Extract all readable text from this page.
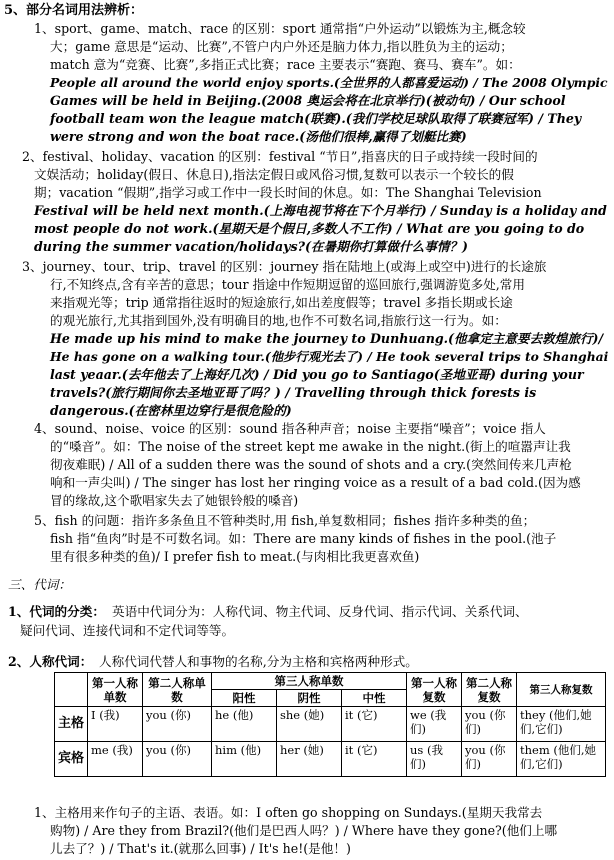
5、部分名词用法辨析：
1、sport、game、match、race 的区别：sport 通常指“户外运动”以锻炼为主,概念较
大；game 意思是“运动、比赛”,不管户内户外还是脑力体力,指以胜负为主的运动；
match 意为“竞赛、比赛”,多指正式比赛；race 主要表示“赛跑、赛马、赛车”。如：
People all around the world enjoy sports.(全世界的人都喜爱运动) / The 2008 Olympic
Games will be held in Beijing.(2008 奥运会将在北京举行)(被动句) / Our school
football team won the league match(联赛).(我们学校足球队取得了联赛冠军) / They
were strong and won the boat race.(汤他们很棒,赢得了划艇比赛)
2、festival、holiday、vacation 的区别：festival “节日”,指喜庆的日子或持续一段时间的
文娱活动；holiday(假日、休息日),指法定假日或风俗习惯,复数可以表示一个较长的假
期；vacation “假期”,指学习或工作中一段长时间的休息。如：The Shanghai Television
Festival will be held next month.(上海电视节将在下个月举行) / Sunday is a holiday and
most people do not work.(星期天是个假日,多数人不工作) / What are you going to do
during the summer vacation/holidays?(在暑期你打算做什么事情？)
3、journey、tour、trip、travel 的区别：journey 指在陆地上(或海上或空中)进行的长途旅
行,不知终点,含有辛苦的意思；tour 指途中作短期逗留的巡回旅行,强调游览多处,常用
来指观光等；trip 通常指往返时的短途旅行,如出差度假等；travel 多指长期或长途
的观光旅行,尤其指到国外,没有明确目的地,也作不可数名词,指旅行这一行为。如：
He made up his mind to make the journey to Dunhuang.(他拿定主意要去敦煌旅行)/
He has gone on a walking tour.(他步行观光去了) / He took several trips to Shanghai
last yeaar.(去年他去了上海好几次) / Did you go to Santiago(圣地亚哥) during your
travels?(旅行期间你去圣地亚哥了吗？) / Travelling through thick forests is
dangerous.(在密林里边穿行是很危险的)
4、sound、noise、voice 的区别：sound 指各种声音；noise 主要指“噪音”；voice 指人
的“嗓音”。如：The noise of the street kept me awake in the night.(街上的喧嚣声让我
彻夜难眠) / All of a sudden there was the sound of shots and a cry.(突然间传来几声枪
响和一声尖叫) / The singer has lost her ringing voice as a result of a bad cold.(因为感
冒的缘故,这个歌唱家失去了她银铃般的嗓音)
5、fish 的问题：指许多条鱼且不管种类时,用 fish,单复数相同；fishes 指许多种类的鱼；
fish 指“鱼肉”时是不可数名词。如：There are many kinds of fishes in the pool.(池子
里有很多种类的鱼)/ I prefer fish to meat.(与肉相比我更喜欢鱼)
三、代词：
1、代词的分类： 英语中代词分为：人称代词、物主代词、反身代词、指示代词、关系代词、
疑问代词、连接代词和不定代词等等。
2、人称代词： 人称代词代替人和事物的名称,分为主格和宾格两种形式。
	第一人称单数	第二人称单数	第三人称单数			第一人称复数	第二人称复数	第三人称复数
			阳性	阴性	中性			
主格	I (我)	you (你)	he (他)	she (她)	it (它)	we (我们)	you (你们)	they (他们,她们,它们)
宾格	me (我)	you (你)	him (他)	her (她)	it (它)	us (我们)	you (你们)	them (他们,她们,它们)
1、主格用来作句子的主语、表语。如：I often go shopping on Sundays.(星期天我常去
购物) / Are they from Brazil?(他们是巴西人吗？) / Where have they gone?(他们上哪
儿去了？) / That's it.(就那么回事) / It's he!(是他！)
